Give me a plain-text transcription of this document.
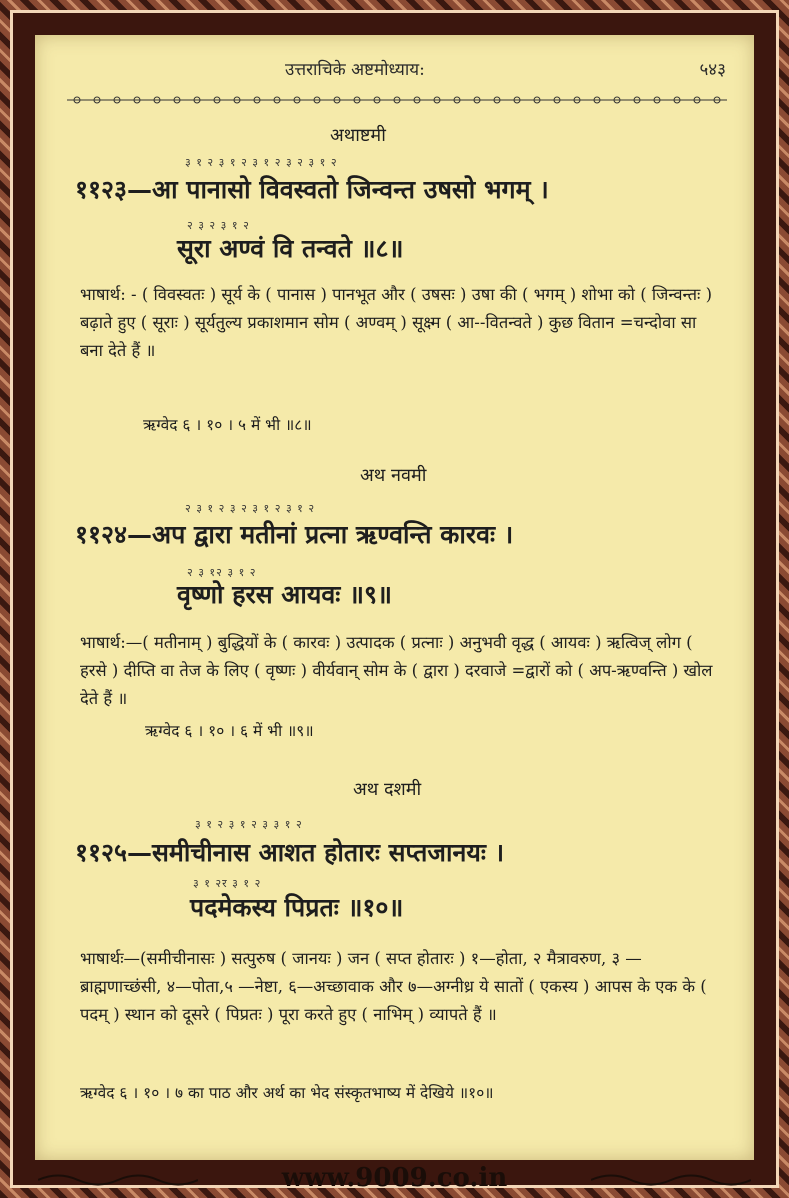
उत्तराचिके अष्टमोध्याय:	५४३
अथाष्टमी
३ १ २ ३ १ २ ३ १ २ ३ २ ३ १ २
११२३—आ पानासो विवस्वतो जिन्वन्त उषसो भगम् ।
२ ३ २ ३ १ २
सूरा अण्वं वि तन्वते ॥८॥
भाषार्थ: - ( विवस्वतः ) सूर्य के ( पानास ) पानभूत और ( उषसः ) उषा की ( भगम् ) शोभा को ( जिन्वन्तः ) बढ़ाते हुए ( सूराः ) सूर्यतुल्य प्रकाशमान सोम ( अण्वम् ) सूक्ष्म ( आ--वितन्वते ) कुछ वितान =चन्दोवा सा बना देते हैं ॥
ऋग्वेद ६ । १० । ५ में भी ॥८॥
अथ नवमी
२ ३ १ २ ३ २ ३ १ २ ३ १ २
११२४—अप द्वारा मतीनां प्रत्ना ऋण्वन्ति कारवः ।
२ ३ १२ ३ १ २
वृष्णो हरस आयवः ॥९॥
भाषार्थ:—( मतीनाम् ) बुद्धियों के ( कारवः ) उत्पादक ( प्रत्नाः ) अनुभवी वृद्ध ( आयवः ) ऋत्विज् लोग ( हरसे ) दीप्ति वा तेज के लिए ( वृष्णः ) वीर्यवान् सोम के ( द्वारा ) दरवाजे =द्वारों को ( अप-ऋण्वन्ति ) खोल देते हैं ॥
ऋग्वेद ६ । १० । ६ में भी ॥९॥
अथ दशमी
३ १ २ ३ १ २ ३ ३ १ २
११२५—समीचीनास आशत होतारः सप्तजानयः ।
३ १ २र ३ १ २
पदमेकस्य पिप्रतः ॥१०॥
भाषार्थः—(समीचीनासः ) सत्पुरुष ( जानयः ) जन ( सप्त होतारः ) १—होता, २ मैत्रावरुण, ३ —ब्राह्मणाच्छंसी, ४—पोता,५ —नेष्टा, ६—अच्छावाक और ७—अग्नीध्र ये सातों ( एकस्य ) आपस के एक के ( पदम् ) स्थान को दूसरे ( पिप्रतः ) पूरा करते हुए ( नाभिम् ) व्यापते हैं ॥
ऋग्वेद ६ । १० । ७ का पाठ और अर्थ का भेद संस्कृतभाष्य में देखिये ॥१०॥
www.9009.co.in
